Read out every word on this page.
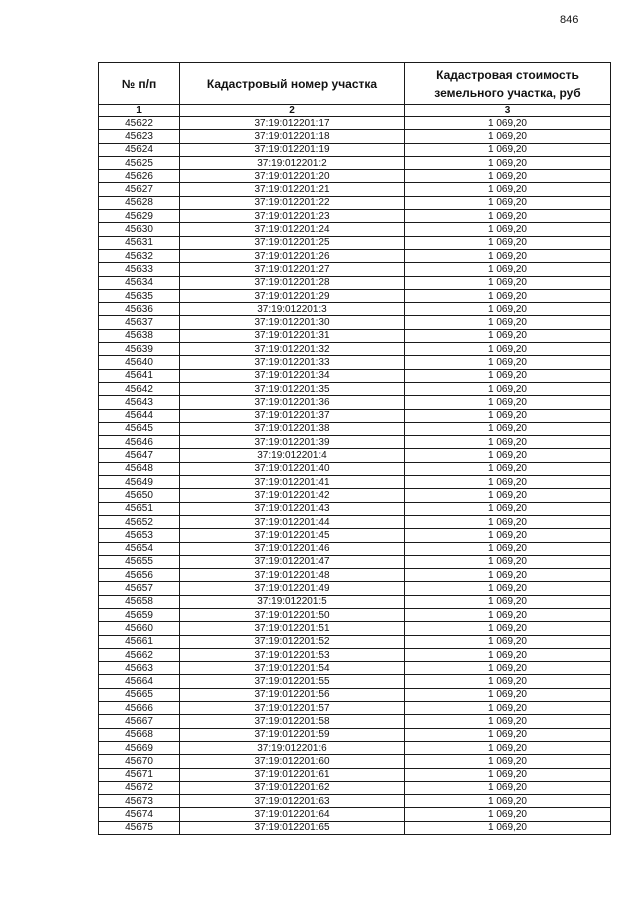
846
№ п/п	Кадастровый номер участка	Кадастровая стоимость земельного участка, руб
1	2	3
45622	37:19:012201:17	1 069,20
45623	37:19:012201:18	1 069,20
45624	37:19:012201:19	1 069,20
45625	37:19:012201:2	1 069,20
45626	37:19:012201:20	1 069,20
45627	37:19:012201:21	1 069,20
45628	37:19:012201:22	1 069,20
45629	37:19:012201:23	1 069,20
45630	37:19:012201:24	1 069,20
45631	37:19:012201:25	1 069,20
45632	37:19:012201:26	1 069,20
45633	37:19:012201:27	1 069,20
45634	37:19:012201:28	1 069,20
45635	37:19:012201:29	1 069,20
45636	37:19:012201:3	1 069,20
45637	37:19:012201:30	1 069,20
45638	37:19:012201:31	1 069,20
45639	37:19:012201:32	1 069,20
45640	37:19:012201:33	1 069,20
45641	37:19:012201:34	1 069,20
45642	37:19:012201:35	1 069,20
45643	37:19:012201:36	1 069,20
45644	37:19:012201:37	1 069,20
45645	37:19:012201:38	1 069,20
45646	37:19:012201:39	1 069,20
45647	37:19:012201:4	1 069,20
45648	37:19:012201:40	1 069,20
45649	37:19:012201:41	1 069,20
45650	37:19:012201:42	1 069,20
45651	37:19:012201:43	1 069,20
45652	37:19:012201:44	1 069,20
45653	37:19:012201:45	1 069,20
45654	37:19:012201:46	1 069,20
45655	37:19:012201:47	1 069,20
45656	37:19:012201:48	1 069,20
45657	37:19:012201:49	1 069,20
45658	37:19:012201:5	1 069,20
45659	37:19:012201:50	1 069,20
45660	37:19:012201:51	1 069,20
45661	37:19:012201:52	1 069,20
45662	37:19:012201:53	1 069,20
45663	37:19:012201:54	1 069,20
45664	37:19:012201:55	1 069,20
45665	37:19:012201:56	1 069,20
45666	37:19:012201:57	1 069,20
45667	37:19:012201:58	1 069,20
45668	37:19:012201:59	1 069,20
45669	37:19:012201:6	1 069,20
45670	37:19:012201:60	1 069,20
45671	37:19:012201:61	1 069,20
45672	37:19:012201:62	1 069,20
45673	37:19:012201:63	1 069,20
45674	37:19:012201:64	1 069,20
45675	37:19:012201:65	1 069,20
